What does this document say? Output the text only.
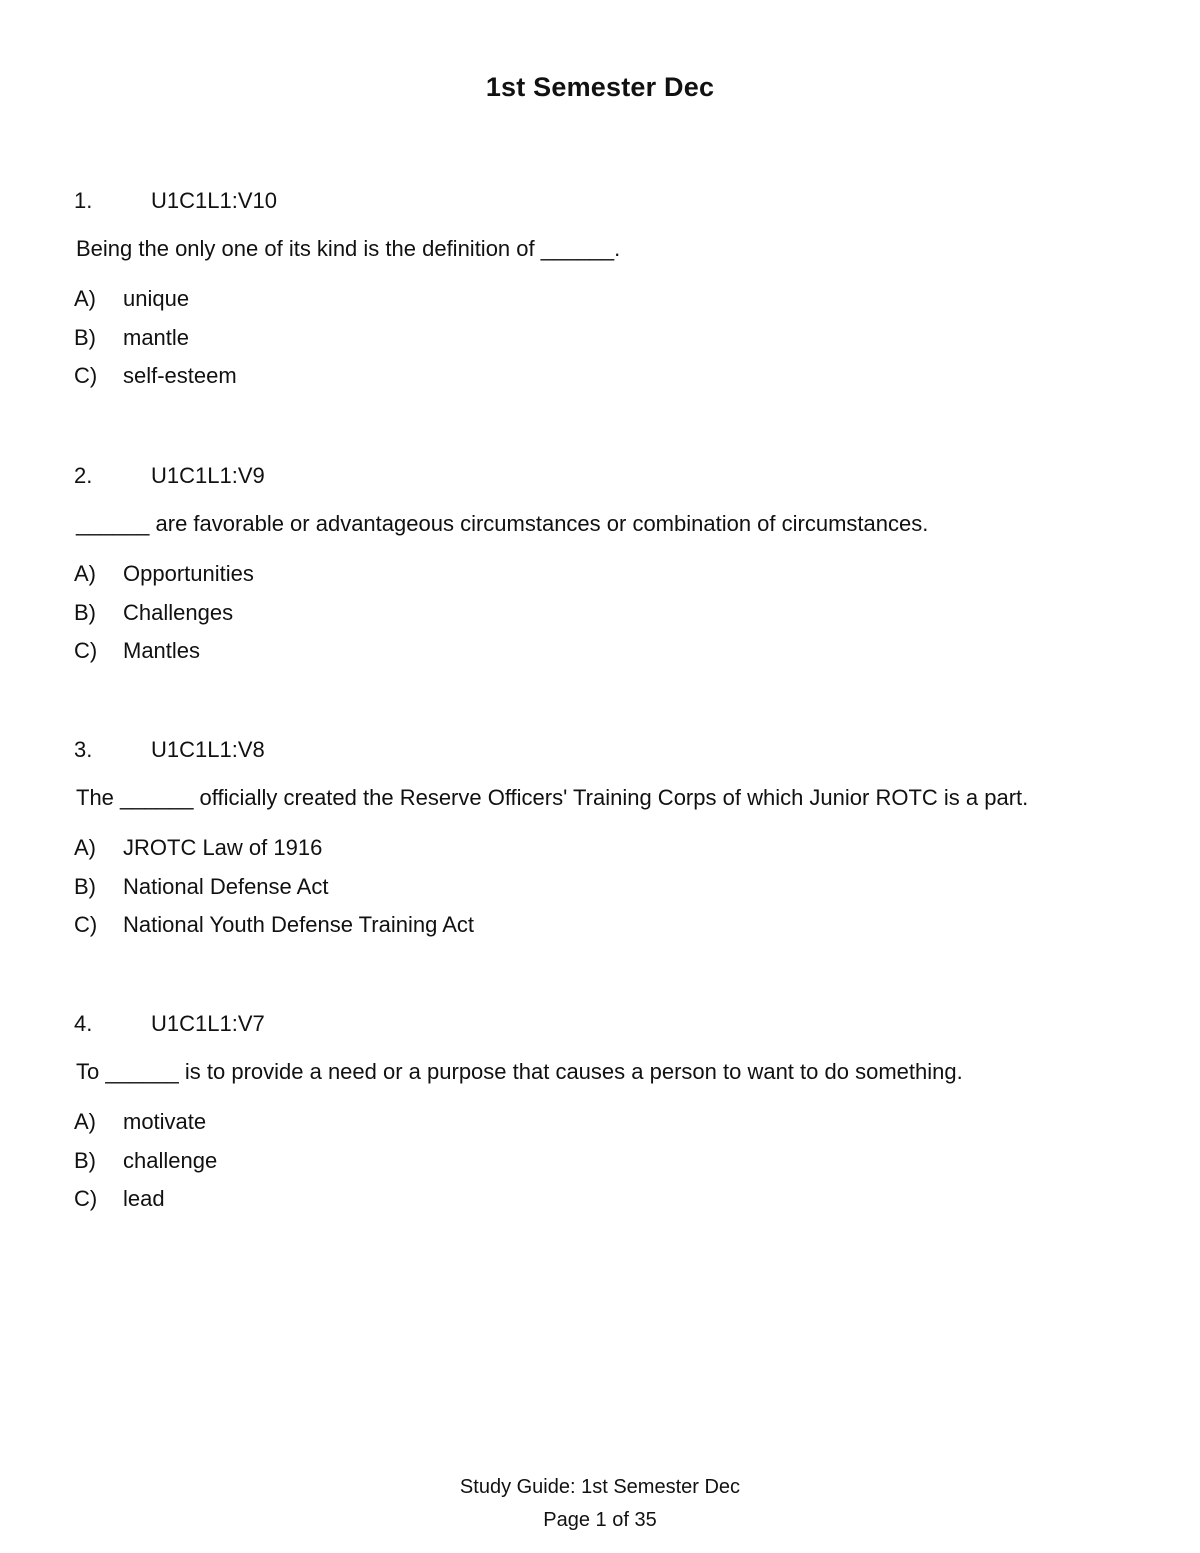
1st Semester Dec
1.	U1C1L1:V10
Being the only one of its kind is the definition of ______.
A)	unique
B)	mantle
C)	self-esteem
2.	U1C1L1:V9
______ are favorable or advantageous circumstances or combination of circumstances.
A)	Opportunities
B)	Challenges
C)	Mantles
3.	U1C1L1:V8
The ______ officially created the Reserve Officers' Training Corps of which Junior ROTC is a part.
A)	JROTC Law of 1916
B)	National Defense Act
C)	National Youth Defense Training Act
4.	U1C1L1:V7
To ______ is to provide a need or a purpose that causes a person to want to do something.
A)	motivate
B)	challenge
C)	lead
Study Guide: 1st Semester Dec
Page 1 of 35
